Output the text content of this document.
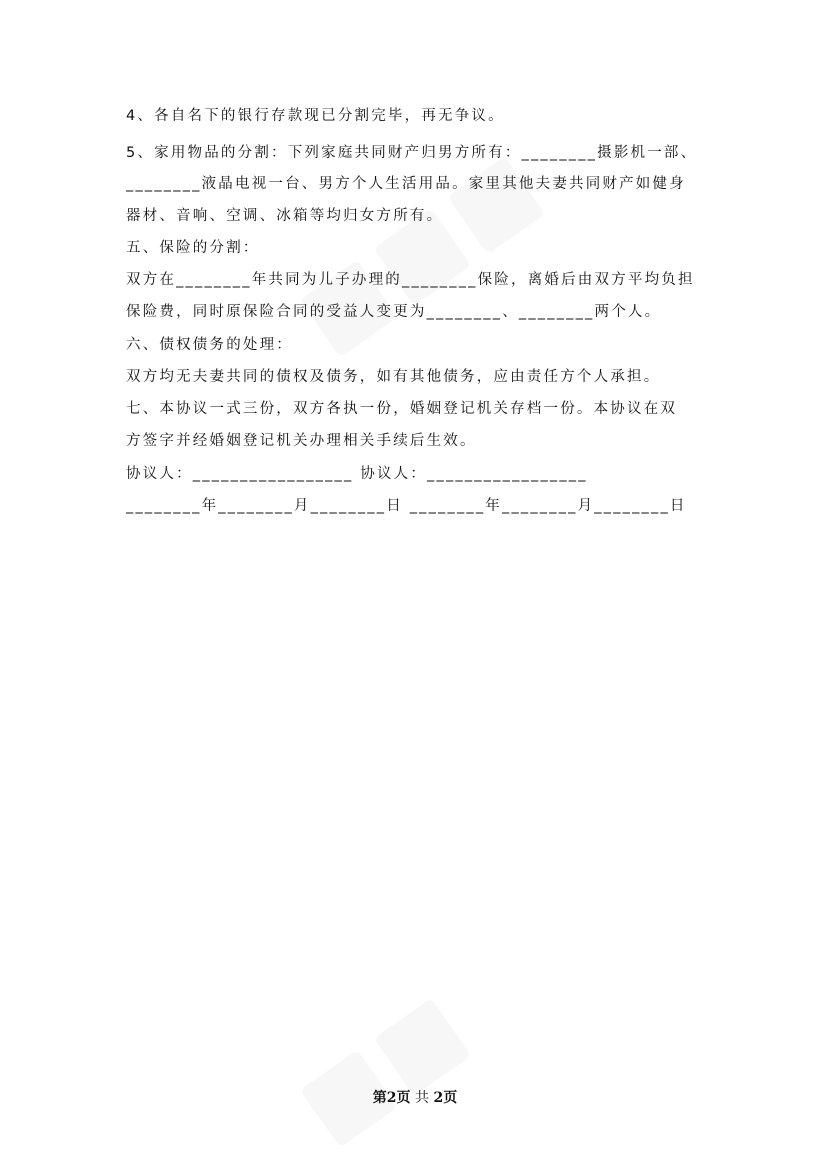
4、各自名下的银行存款现已分割完毕，再无争议。
5、家用物品的分割：下列家庭共同财产归男方所有：________摄影机一部、
________液晶电视一台、男方个人生活用品。家里其他夫妻共同财产如健身
器材、音响、空调、冰箱等均归女方所有。
五、保险的分割：
双方在________年共同为儿子办理的________保险，离婚后由双方平均负担
保险费，同时原保险合同的受益人变更为________、________两个人。
六、债权债务的处理：
双方均无夫妻共同的债权及债务，如有其他债务，应由责任方个人承担。
七、本协议一式三份，双方各执一份，婚姻登记机关存档一份。本协议在双
方签字并经婚姻登记机关办理相关手续后生效。
协议人：_________________ 协议人：_________________
________年________月________日 ________年________月________日
第2页 共 2页
